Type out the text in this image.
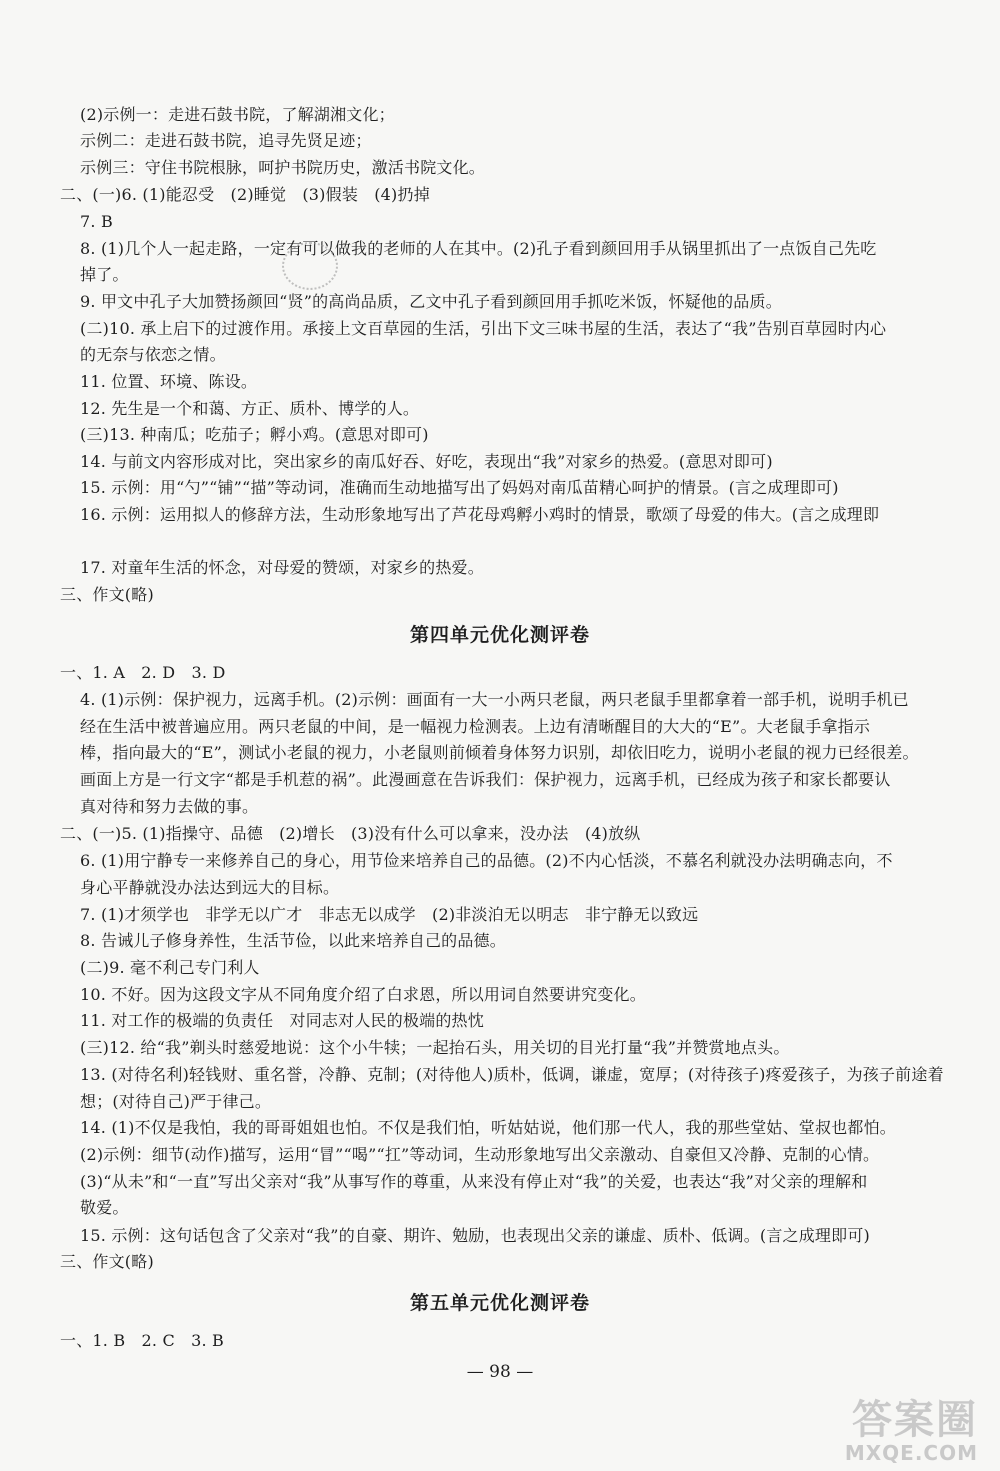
(2)示例一：走进石鼓书院，了解湖湘文化；
示例二：走进石鼓书院，追寻先贤足迹；
示例三：守住书院根脉，呵护书院历史，激活书院文化。
二、(一)6. (1)能忍受　(2)睡觉　(3)假装　(4)扔掉
7. B
8. (1)几个人一起走路，一定有可以做我的老师的人在其中。(2)孔子看到颜回用手从锅里抓出了一点饭自己先吃
掉了。
9. 甲文中孔子大加赞扬颜回“贤”的高尚品质，乙文中孔子看到颜回用手抓吃米饭，怀疑他的品质。
(二)10. 承上启下的过渡作用。承接上文百草园的生活，引出下文三味书屋的生活，表达了“我”告别百草园时内心
的无奈与依恋之情。
11. 位置、环境、陈设。
12. 先生是一个和蔼、方正、质朴、博学的人。
(三)13. 种南瓜；吃茄子；孵小鸡。(意思对即可)
14. 与前文内容形成对比，突出家乡的南瓜好吞、好吃，表现出“我”对家乡的热爱。(意思对即可)
15. 示例：用“勺”“铺”“描”等动词，准确而生动地描写出了妈妈对南瓜苗精心呵护的情景。(言之成理即可)
16. 示例：运用拟人的修辞方法，生动形象地写出了芦花母鸡孵小鸡时的情景，歌颂了母爱的伟大。(言之成理即
17. 对童年生活的怀念，对母爱的赞颂，对家乡的热爱。
三、作文(略)
第四单元优化测评卷
一、1. A　2. D　3. D
4. (1)示例：保护视力，远离手机。(2)示例：画面有一大一小两只老鼠，两只老鼠手里都拿着一部手机，说明手机已
经在生活中被普遍应用。两只老鼠的中间，是一幅视力检测表。上边有清晰醒目的大大的“E”。大老鼠手拿指示
棒，指向最大的“E”，测试小老鼠的视力，小老鼠则前倾着身体努力识别，却依旧吃力，说明小老鼠的视力已经很差。
画面上方是一行文字“都是手机惹的祸”。此漫画意在告诉我们：保护视力，远离手机，已经成为孩子和家长都要认
真对待和努力去做的事。
二、(一)5. (1)指操守、品德　(2)增长　(3)没有什么可以拿来，没办法　(4)放纵
6. (1)用宁静专一来修养自己的身心，用节俭来培养自己的品德。(2)不内心恬淡，不慕名利就没办法明确志向，不
身心平静就没办法达到远大的目标。
7. (1)才须学也　非学无以广才　非志无以成学　(2)非淡泊无以明志　非宁静无以致远
8. 告诫儿子修身养性，生活节俭，以此来培养自己的品德。
(二)9. 毫不利己专门利人
10. 不好。因为这段文字从不同角度介绍了白求恩，所以用词自然要讲究变化。
11. 对工作的极端的负责任　对同志对人民的极端的热忱
(三)12. 给“我”剃头时慈爱地说：这个小牛犊；一起抬石头，用关切的目光打量“我”并赞赏地点头。
13. (对待名利)轻钱财、重名誉，冷静、克制；(对待他人)质朴，低调，谦虚，宽厚；(对待孩子)疼爱孩子，为孩子前途着
想；(对待自己)严于律己。
14. (1)不仅是我怕，我的哥哥姐姐也怕。不仅是我们怕，听姑姑说，他们那一代人，我的那些堂姑、堂叔也都怕。
(2)示例：细节(动作)描写，运用“冒”“喝”“扛”等动词，生动形象地写出父亲激动、自豪但又冷静、克制的心情。
(3)“从未”和“一直”写出父亲对“我”从事写作的尊重，从来没有停止对“我”的关爱，也表达“我”对父亲的理解和
敬爱。
15. 示例：这句话包含了父亲对“我”的自豪、期许、勉励，也表现出父亲的谦虚、质朴、低调。(言之成理即可)
三、作文(略)
第五单元优化测评卷
一、1. B　2. C　3. B
— 98 —
答案圈
MXQE.COM
